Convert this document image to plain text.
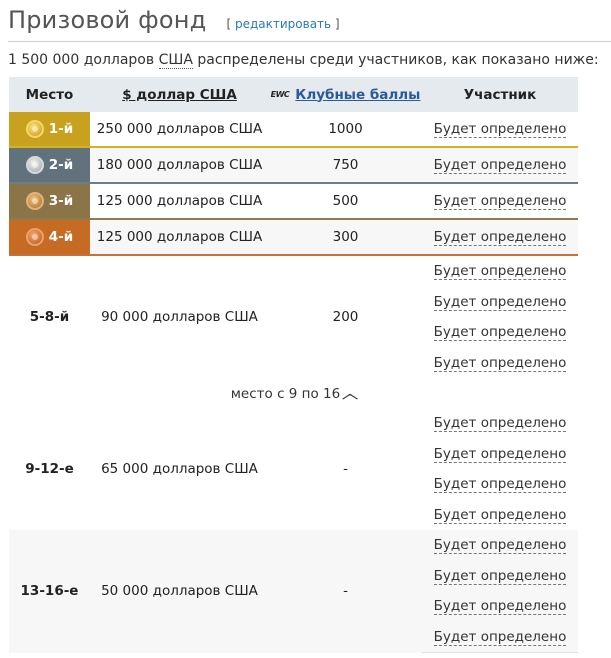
Призовой фонд [ редактировать ]
1 500 000 долларов США распределены среди участников, как показано ниже:
Место	$ доллар США	EWC Клубные баллы	Участник

1-й	250 000 долларов США	1000	Будет определено

2-й	180 000 долларов США	750	Будет определено

3-й	125 000 долларов США	500	Будет определено

4-й	125 000 долларов США	300	Будет определено
5-8-й	90 000 долларов США	200	Будет определено
			Будет определено
			Будет определено
			Будет определено
место с 9 по 16 ︿			
9-12-е	65 000 долларов США	-	Будет определено
			Будет определено
			Будет определено
			Будет определено
13-16-е	50 000 долларов США	-	Будет определено
			Будет определено
			Будет определено
			Будет определено
